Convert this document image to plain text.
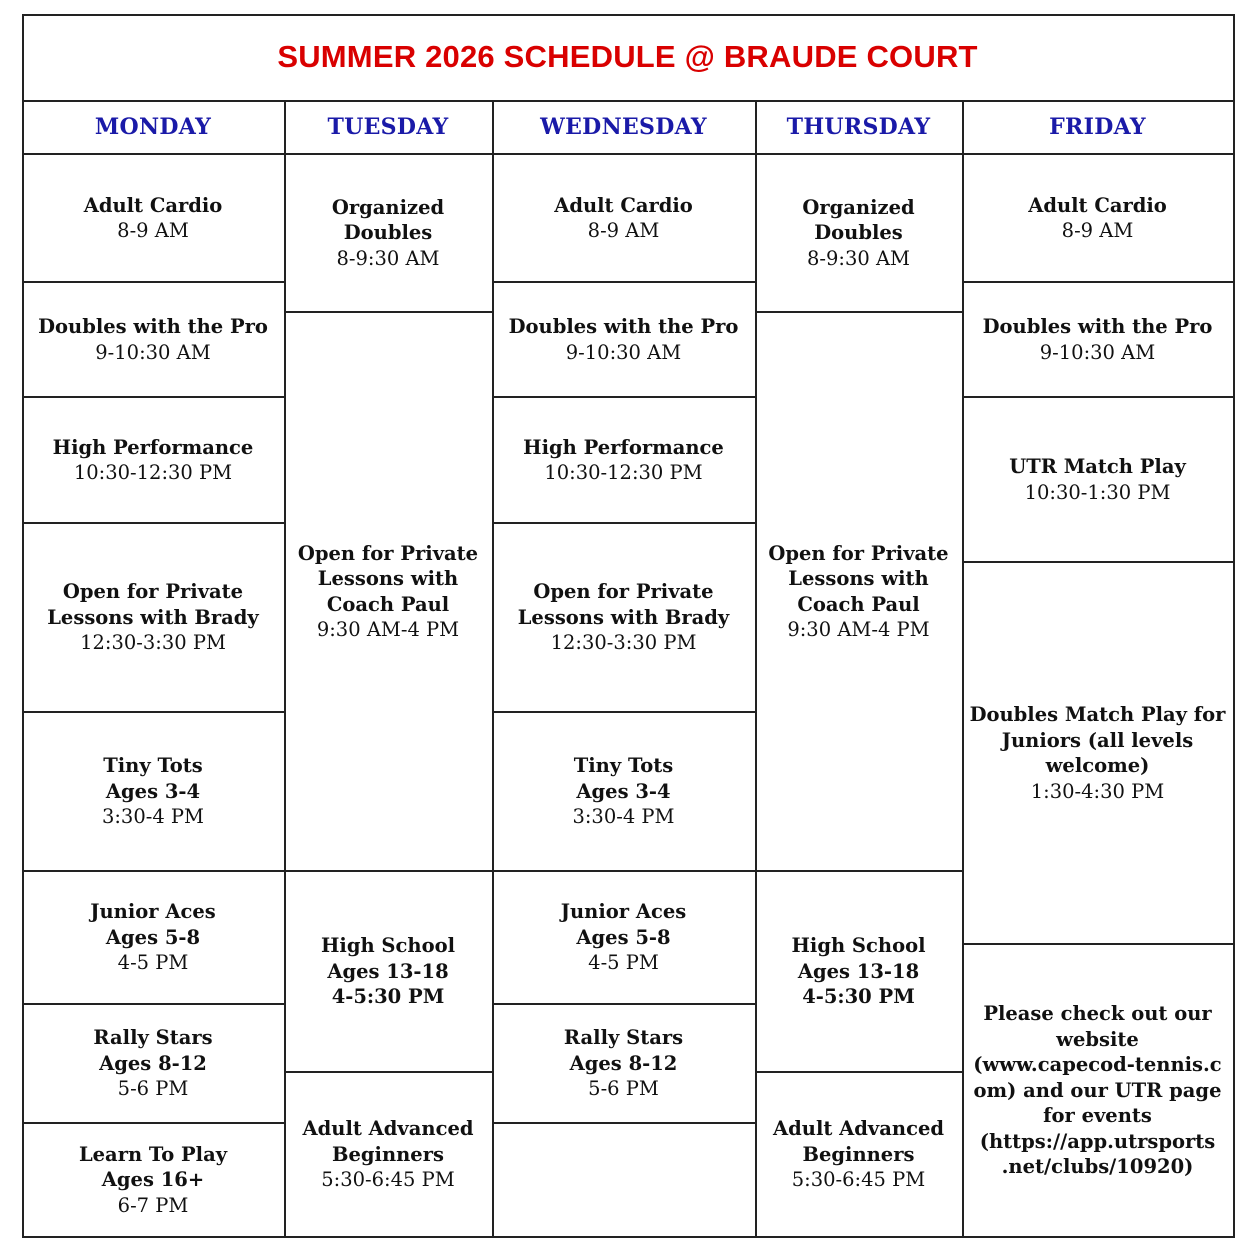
SUMMER 2026 SCHEDULE @ BRAUDE COURT
MONDAY
Adult Cardio
8-9 AM
Doubles with the Pro
9-10:30 AM
High Performance
10:30-12:30 PM
Open for Private
Lessons with Brady
12:30-3:30 PM
Tiny Tots
Ages 3-4
3:30-4 PM
Junior Aces
Ages 5-8
4-5 PM
Rally Stars
Ages 8-12
5-6 PM
Learn To Play
Ages 16+
6-7 PM
TUESDAY
Organized
Doubles
8-9:30 AM
Open for Private
Lessons with
Coach Paul
9:30 AM-4 PM
High School
Ages 13-18
4-5:30 PM
Adult Advanced
Beginners
5:30-6:45 PM
WEDNESDAY
Adult Cardio
8-9 AM
Doubles with the Pro
9-10:30 AM
High Performance
10:30-12:30 PM
Open for Private
Lessons with Brady
12:30-3:30 PM
Tiny Tots
Ages 3-4
3:30-4 PM
Junior Aces
Ages 5-8
4-5 PM
Rally Stars
Ages 8-12
5-6 PM
THURSDAY
Organized
Doubles
8-9:30 AM
Open for Private
Lessons with
Coach Paul
9:30 AM-4 PM
High School
Ages 13-18
4-5:30 PM
Adult Advanced
Beginners
5:30-6:45 PM
FRIDAY
Adult Cardio
8-9 AM
Doubles with the Pro
9-10:30 AM
UTR Match Play
10:30-1:30 PM
Doubles Match Play for
Juniors (all levels
welcome)
1:30-4:30 PM
Please check out our
website
(www.capecod-tennis.c
om) and our UTR page
for events
(https://app.utrsports
.net/clubs/10920)
